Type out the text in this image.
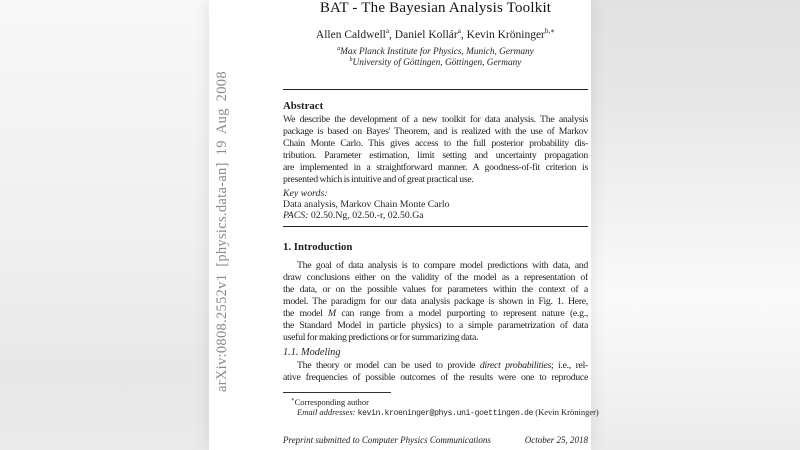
arXiv:0808.2552v1 [physics.data-an] 19 Aug 2008
BAT - The Bayesian Analysis Toolkit
Allen Caldwell$^a$, Daniel Kollár$^a$, Kevin Kröninger$^{b,∗}$
$^a$Max Planck Institute for Physics, Munich, Germany
$^b$University of Göttingen, Göttingen, Germany
Abstract
We describe the development of a new toolkit for data analysis. The analysis
package is based on Bayes' Theorem, and is realized with the use of Markov
Chain Monte Carlo. This gives access to the full posterior probability dis-
tribution. Parameter estimation, limit setting and uncertainty propagation
are implemented in a straightforward manner. A goodness-of-fit criterion is
presented which is intuitive and of great practical use.
Key words:
Data analysis, Markov Chain Monte Carlo
PACS: 02.50.Ng, 02.50.-r, 02.50.Ga
1. Introduction
The goal of data analysis is to compare model predictions with data, and
draw conclusions either on the validity of the model as a representation of
the data, or on the possible values for parameters within the context of a
model. The paradigm for our data analysis package is shown in Fig. 1. Here,
the model M can range from a model purporting to represent nature (e.g.,
the Standard Model in particle physics) to a simple parametrization of data
useful for making predictions or for summarizing data.
1.1. Modeling
The theory or model can be used to provide direct probabilities; i.e., rel-
ative frequencies of possible outcomes of the results were one to reproduce
∗Corresponding author
Email addresses: kevin.kroeninger@phys.uni-goettingen.de (Kevin Kröninger)
Preprint submitted to Computer Physics Communications	October 25, 2018
